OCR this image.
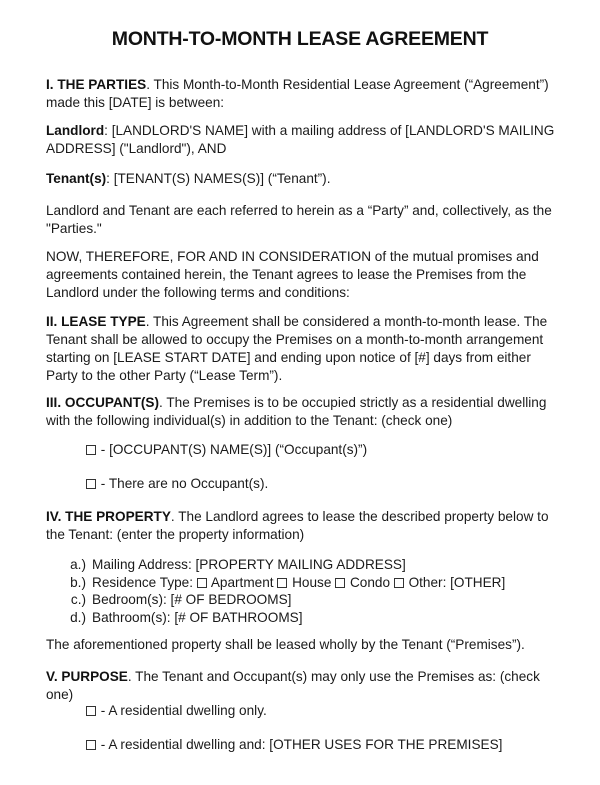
MONTH-TO-MONTH LEASE AGREEMENT
I. THE PARTIES. This Month-to-Month Residential Lease Agreement (“Agreement”) made this [DATE] is between:
Landlord: [LANDLORD'S NAME] with a mailing address of [LANDLORD'S MAILING ADDRESS] ("Landlord"), AND
Tenant(s): [TENANT(S) NAMES(S)] (“Tenant”).
Landlord and Tenant are each referred to herein as a “Party” and, collectively, as the "Parties."
NOW, THEREFORE, FOR AND IN CONSIDERATION of the mutual promises and agreements contained herein, the Tenant agrees to lease the Premises from the Landlord under the following terms and conditions:
II. LEASE TYPE. This Agreement shall be considered a month-to-month lease. The Tenant shall be allowed to occupy the Premises on a month-to-month arrangement starting on [LEASE START DATE] and ending upon notice of [#] days from either Party to the other Party (“Lease Term”).
III. OCCUPANT(S). The Premises is to be occupied strictly as a residential dwelling with the following individual(s) in addition to the Tenant: (check one)
- [OCCUPANT(S) NAME(S)] (“Occupant(s)”)
- There are no Occupant(s).
IV. THE PROPERTY. The Landlord agrees to lease the described property below to the Tenant: (enter the property information)
a.) Mailing Address: [PROPERTY MAILING ADDRESS]
b.) Residence Type:  Apartment  House  Condo  Other: [OTHER]
c.) Bedroom(s): [# OF BEDROOMS]
d.) Bathroom(s): [# OF BATHROOMS]
The aforementioned property shall be leased wholly by the Tenant (“Premises”).
V. PURPOSE. The Tenant and Occupant(s) may only use the Premises as: (check one)
- A residential dwelling only.
- A residential dwelling and: [OTHER USES FOR THE PREMISES]
